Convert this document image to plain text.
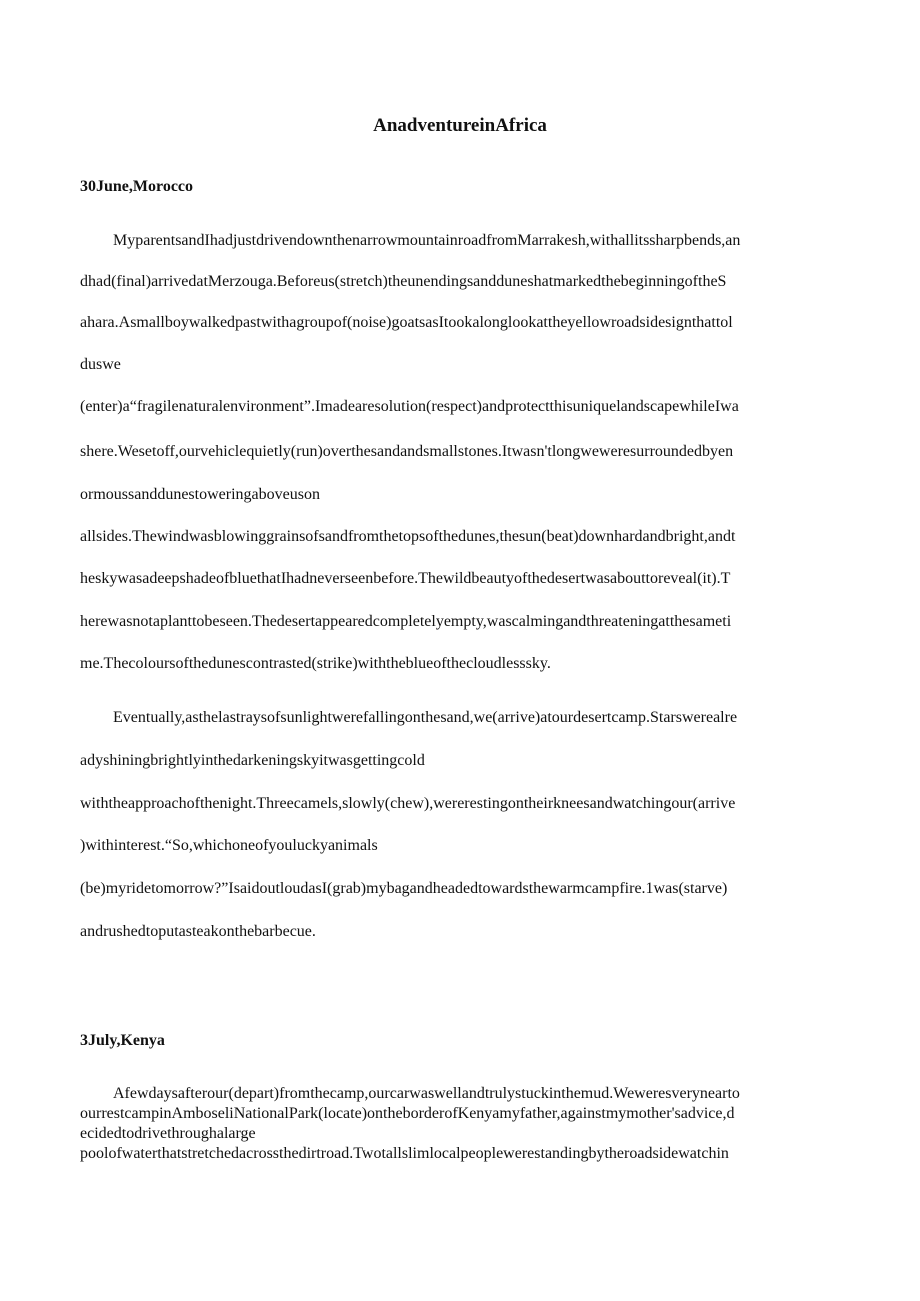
AnadventureinAfrica
30June,Morocco
MyparentsandIhadjustdrivendownthenarrowmountainroadfromMarrakesh,withallitssharpbends,an
dhad(final)arrivedatMerzouga.Beforeus(stretch)theunendingsandduneshatmarkedthebeginningoftheS
ahara.Asmallboywalkedpastwithagroupof(noise)goatsasItookalonglookattheyellowroadsidesignthattol
duswe
(enter)a“fragilenaturalenvironment”.Imadearesolution(respect)andprotectthisuniquelandscapewhileIwa
shere.Wesetoff,ourvehiclequietly(run)overthesandandsmallstones.Itwasn'tlongweweresurroundedbyen
ormoussanddunestoweringaboveuson
allsides.Thewindwasblowinggrainsofsandfromthetopsofthedunes,thesun(beat)downhardandbright,andt
heskywasadeepshadeofbluethatIhadneverseenbefore.Thewildbeautyofthedesertwasabouttoreveal(it).T
herewasnotaplanttobeseen.Thedesertappearedcompletelyempty,wascalmingandthreateningatthesameti
me.Thecoloursofthedunescontrasted(strike)withtheblueofthecloudlesssky.
Eventually,asthelastraysofsunlightwerefallingonthesand,we(arrive)atourdesertcamp.Starswerealre
adyshiningbrightlyinthedarkeningskyitwasgettingcold
withtheapproachofthenight.Threecamels,slowly(chew),wererestingontheirkneesandwatchingour(arrive
)withinterest.“So,whichoneofyouluckyanimals
(be)myridetomorrow?”IsaidoutloudasI(grab)mybagandheadedtowardsthewarmcampfire.1was(starve)
andrushedtoputasteakonthebarbecue.
3July,Kenya
Afewdaysafterour(depart)fromthecamp,ourcarwaswellandtrulystuckinthemud.Weweresverynearto
ourrestcampinAmboseliNationalPark(locate)ontheborderofKenyamyfather,againstmymother'sadvice,d
ecidedtodrivethroughalarge
poolofwaterthatstretchedacrossthedirtroad.Twotallslimlocalpeoplewerestandingbytheroadsidewatchin
